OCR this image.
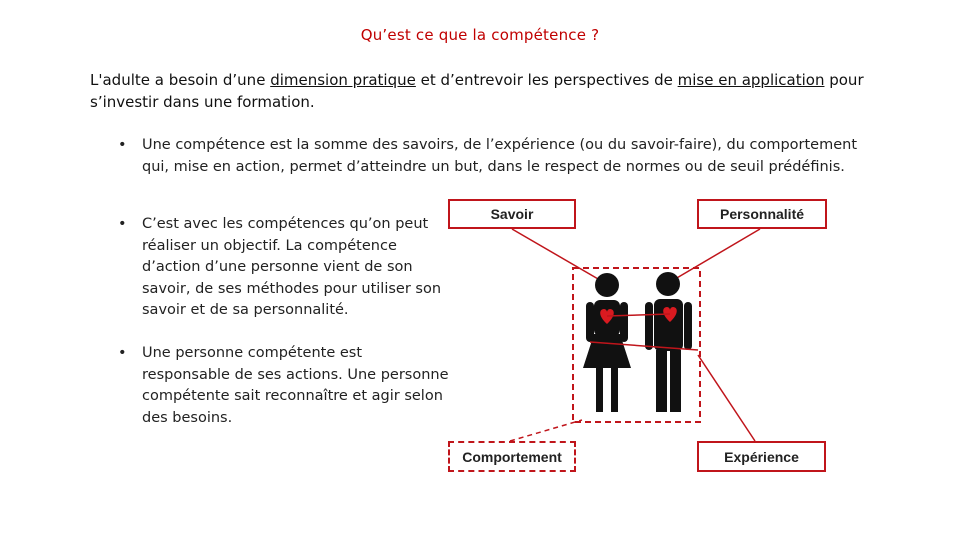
Qu’est ce que la compétence ?
L'adulte a besoin d’une dimension pratique et d’entrevoir les perspectives de mise en application pour s’investir dans une formation.
• Une compétence est la somme des savoirs, de l’expérience (ou du savoir-faire), du comportement qui, mise en action, permet d’atteindre un but, dans le respect de normes ou de seuil prédéfinis.
• C’est avec les compétences qu’on peut réaliser un objectif. La compétence d’action d’une personne vient de son savoir, de ses méthodes pour utiliser son savoir et de sa personnalité.
• Une personne compétente est responsable de ses actions. Une personne compétente sait reconnaître et agir selon des besoins.
Savoir	Personnalité
Comportement	Expérience
